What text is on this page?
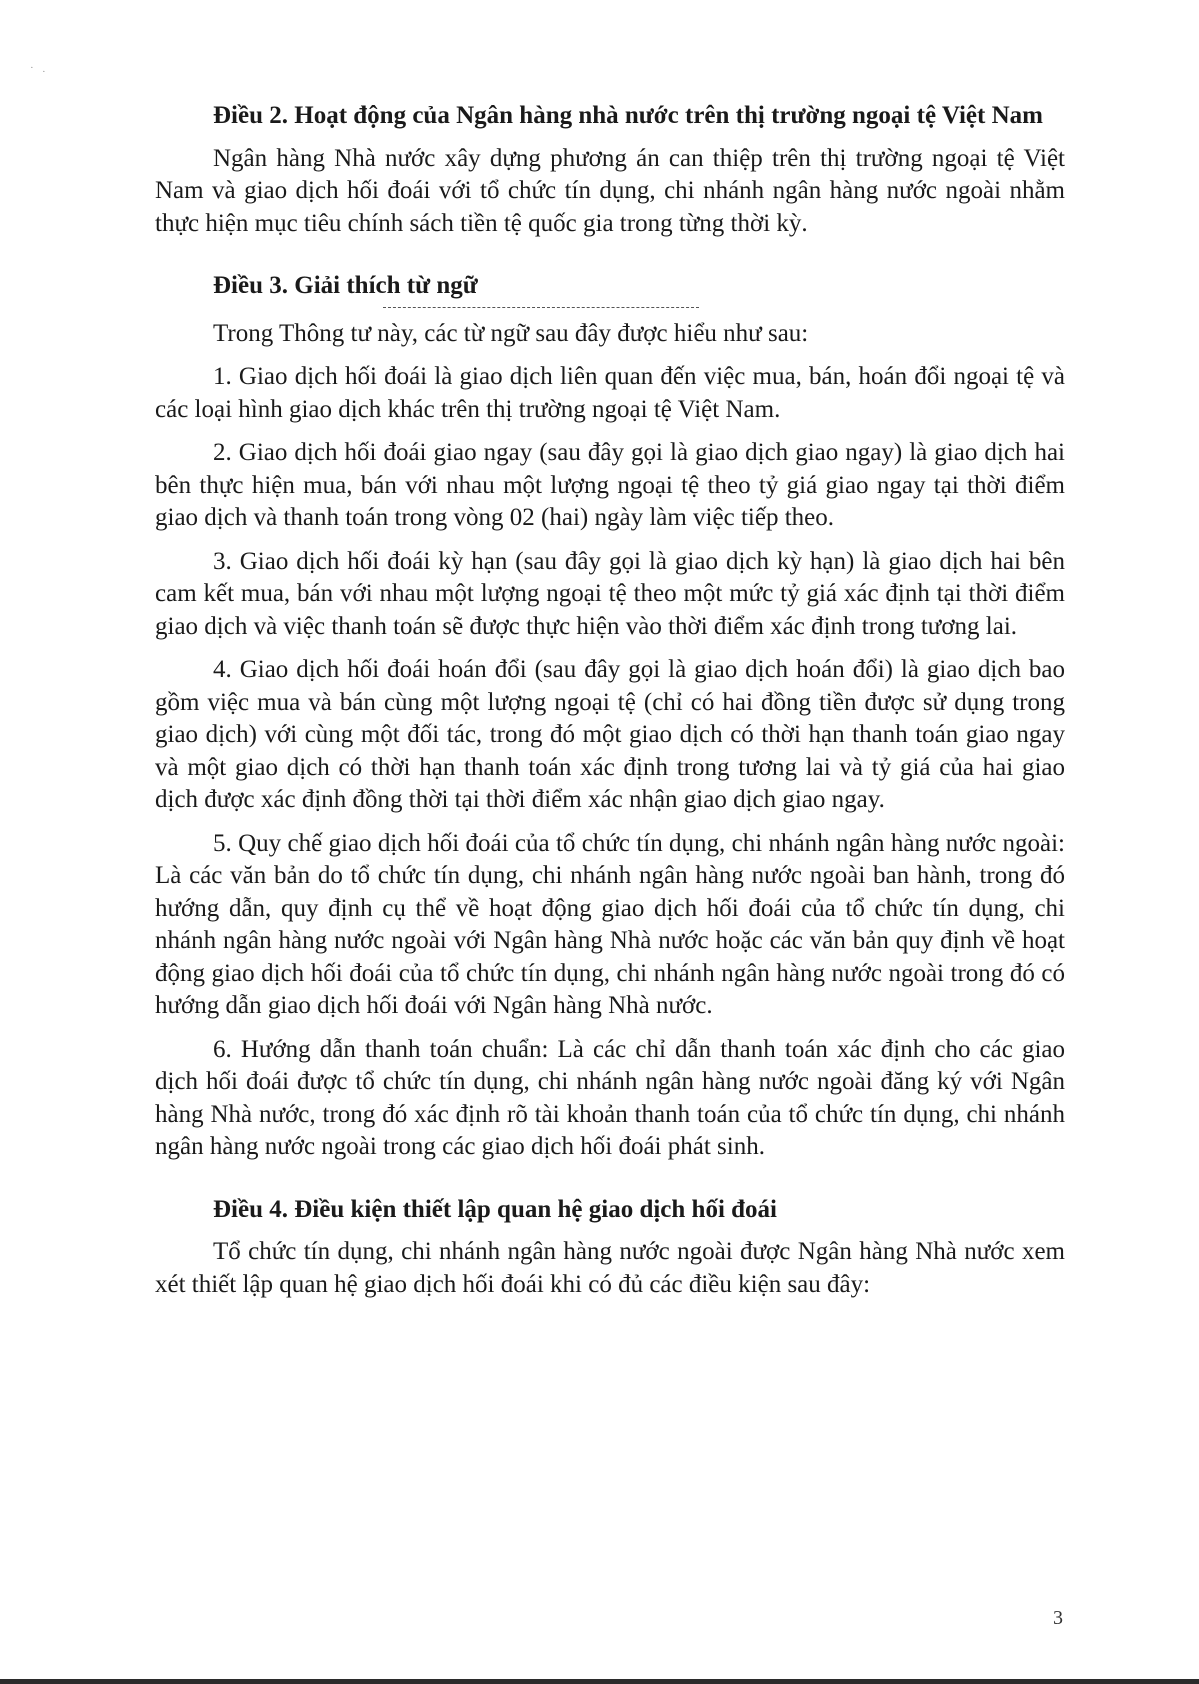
· ·

Điều 2. Hoạt động của Ngân hàng nhà nước trên thị trường ngoại tệ Việt Nam

Ngân hàng Nhà nước xây dựng phương án can thiệp trên thị trường ngoại tệ Việt Nam và giao dịch hối đoái với tổ chức tín dụng, chi nhánh ngân hàng nước ngoài nhằm thực hiện mục tiêu chính sách tiền tệ quốc gia trong từng thời kỳ.

Điều 3. Giải thích từ ngữ

Trong Thông tư này, các từ ngữ sau đây được hiểu như sau:

1. Giao dịch hối đoái là giao dịch liên quan đến việc mua, bán, hoán đổi ngoại tệ và các loại hình giao dịch khác trên thị trường ngoại tệ Việt Nam.

2. Giao dịch hối đoái giao ngay (sau đây gọi là giao dịch giao ngay) là giao dịch hai bên thực hiện mua, bán với nhau một lượng ngoại tệ theo tỷ giá giao ngay tại thời điểm giao dịch và thanh toán trong vòng 02 (hai) ngày làm việc tiếp theo.

3. Giao dịch hối đoái kỳ hạn (sau đây gọi là giao dịch kỳ hạn) là giao dịch hai bên cam kết mua, bán với nhau một lượng ngoại tệ theo một mức tỷ giá xác định tại thời điểm giao dịch và việc thanh toán sẽ được thực hiện vào thời điểm xác định trong tương lai.

4. Giao dịch hối đoái hoán đổi (sau đây gọi là giao dịch hoán đổi) là giao dịch bao gồm việc mua và bán cùng một lượng ngoại tệ (chỉ có hai đồng tiền được sử dụng trong giao dịch) với cùng một đối tác, trong đó một giao dịch có thời hạn thanh toán giao ngay và một giao dịch có thời hạn thanh toán xác định trong tương lai và tỷ giá của hai giao dịch được xác định đồng thời tại thời điểm xác nhận giao dịch giao ngay.

5. Quy chế giao dịch hối đoái của tổ chức tín dụng, chi nhánh ngân hàng nước ngoài: Là các văn bản do tổ chức tín dụng, chi nhánh ngân hàng nước ngoài ban hành, trong đó hướng dẫn, quy định cụ thể về hoạt động giao dịch hối đoái của tổ chức tín dụng, chi nhánh ngân hàng nước ngoài với Ngân hàng Nhà nước hoặc các văn bản quy định về hoạt động giao dịch hối đoái của tổ chức tín dụng, chi nhánh ngân hàng nước ngoài trong đó có hướng dẫn giao dịch hối đoái với Ngân hàng Nhà nước.

6. Hướng dẫn thanh toán chuẩn: Là các chỉ dẫn thanh toán xác định cho các giao dịch hối đoái được tổ chức tín dụng, chi nhánh ngân hàng nước ngoài đăng ký với Ngân hàng Nhà nước, trong đó xác định rõ tài khoản thanh toán của tổ chức tín dụng, chi nhánh ngân hàng nước ngoài trong các giao dịch hối đoái phát sinh.

Điều 4. Điều kiện thiết lập quan hệ giao dịch hối đoái

Tổ chức tín dụng, chi nhánh ngân hàng nước ngoài được Ngân hàng Nhà nước xem xét thiết lập quan hệ giao dịch hối đoái khi có đủ các điều kiện sau đây:

3
